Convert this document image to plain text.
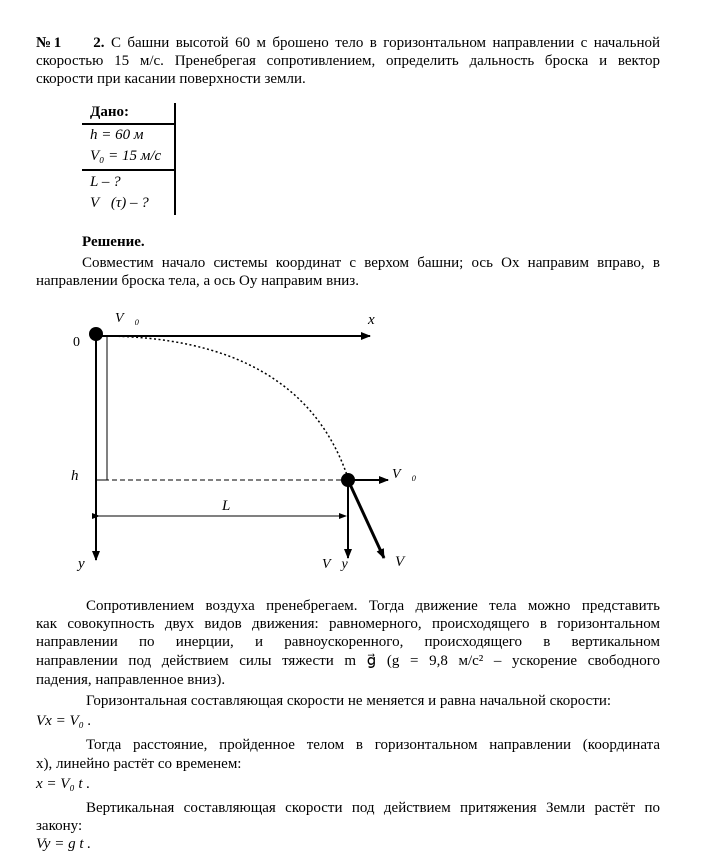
№1 2. С башни высотой 60 м брошено тело в горизонтальном направлении с начальной
скоростью 15 м/с. Пренебрегая сопротивлением, определить дальность броска и вектор
скорости при касании поверхности земли.
Дано:
h = 60 м
V₀ = 15 м/с
L – ?
V⃗(τ) – ?
Решение.
Совместим начало системы координат с верхом башни; ось Ох направим вправо, в
направлении броска тела, а ось Оу направим вниз.
V⃗₀	x
0
h
L
y
V⃗₀
V⃗y	V⃗
Сопротивлением воздуха пренебрегаем. Тогда движение тела можно представить
как совокупность двух видов движения: равномерного, происходящего в горизонтальном
направлении по инерции, и равноускоренного, происходящего в вертикальном
направлении под действием силы тяжести m g⃗ (g = 9,8 м/с² – ускорение свободного
падения, направленное вниз).
Горизонтальная составляющая скорости не меняется и равна начальной скорости:
Vx = V₀ .
Тогда расстояние, пройденное телом в горизонтальном направлении (координата
x), линейно растёт со временем:
x = V₀ t .
Вертикальная составляющая скорости под действием притяжения Земли растёт по
закону:
Vy = g t .
